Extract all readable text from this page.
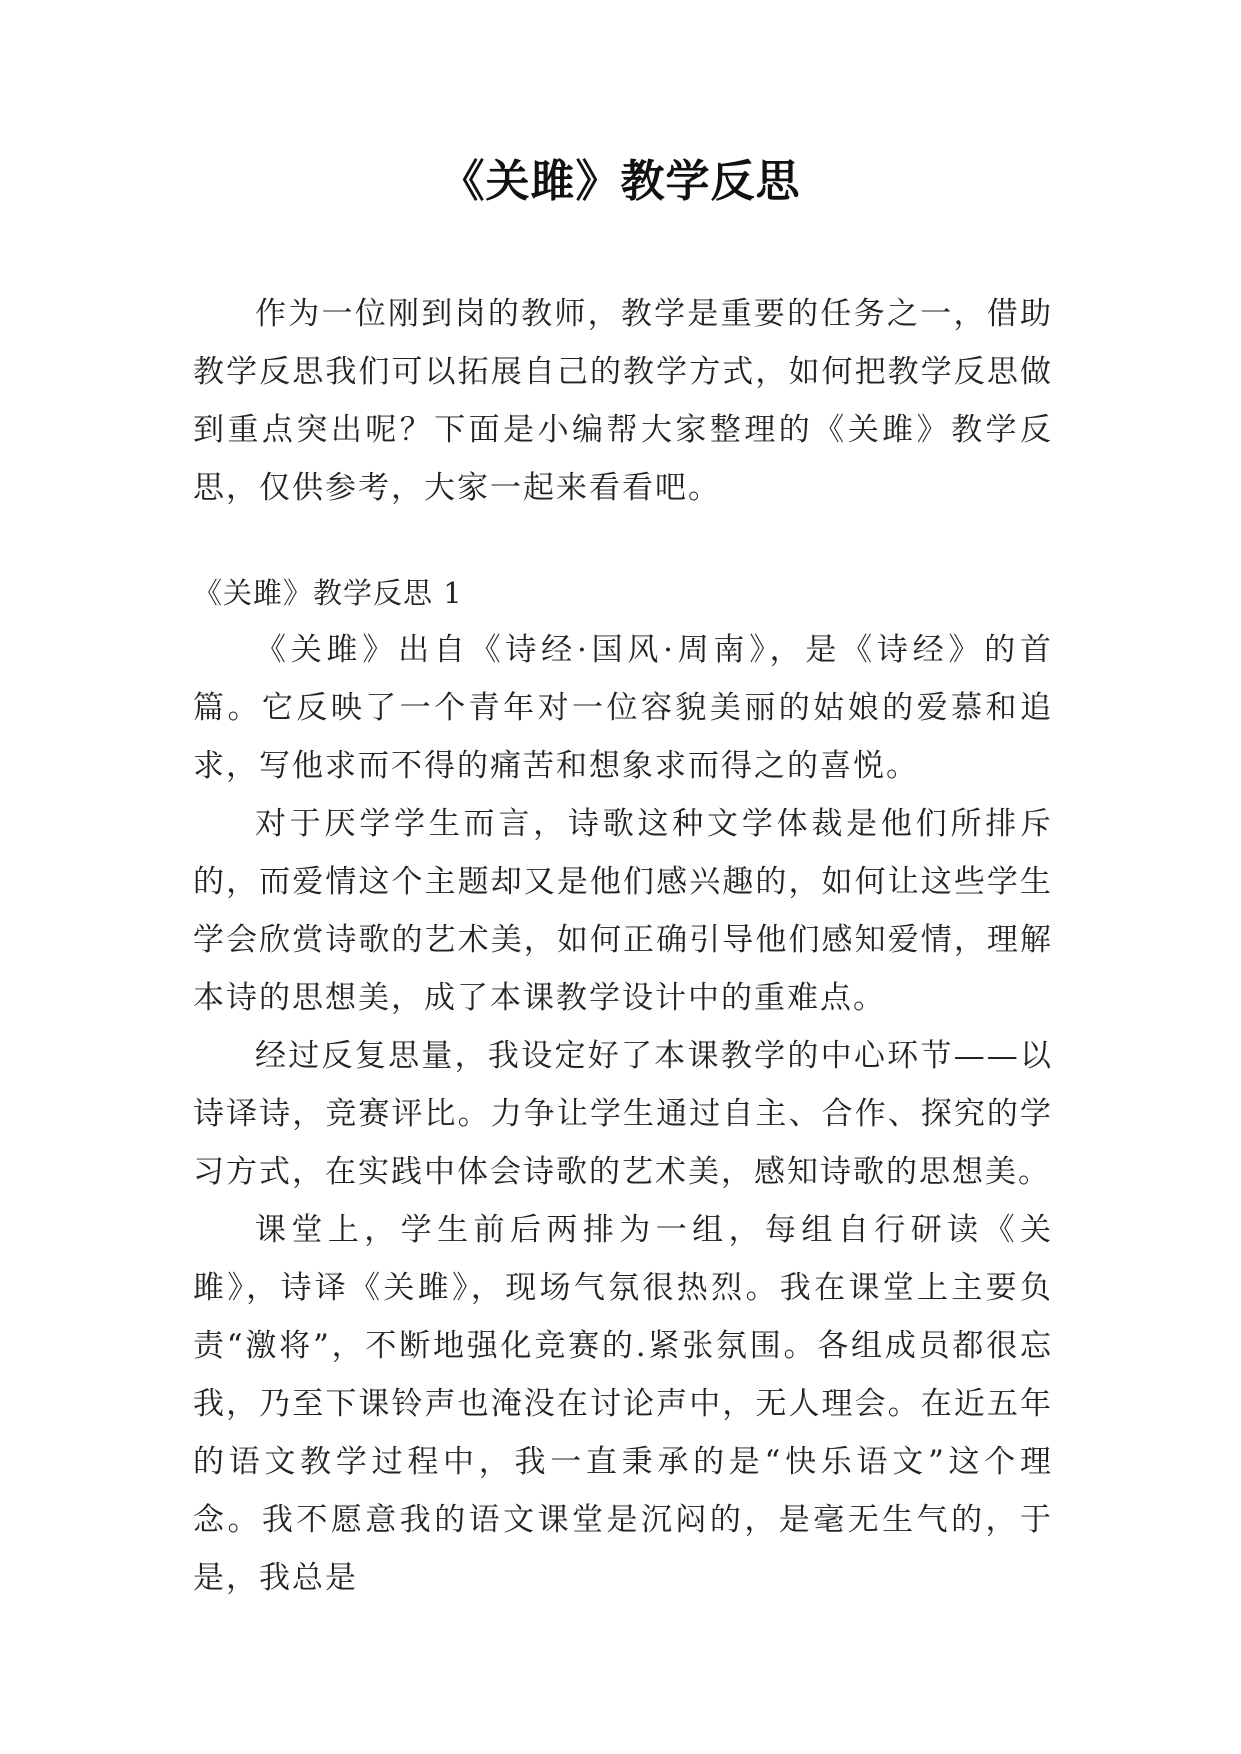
《关雎》教学反思

作为一位刚到岗的教师，教学是重要的任务之一，借助教学反思我们可以拓展自己的教学方式，如何把教学反思做到重点突出呢？下面是小编帮大家整理的《关雎》教学反思，仅供参考，大家一起来看看吧。

《关雎》教学反思 1

《关雎》出自《诗经·国风·周南》，是《诗经》的首篇。它反映了一个青年对一位容貌美丽的姑娘的爱慕和追求，写他求而不得的痛苦和想象求而得之的喜悦。

对于厌学学生而言，诗歌这种文学体裁是他们所排斥的，而爱情这个主题却又是他们感兴趣的，如何让这些学生学会欣赏诗歌的艺术美，如何正确引导他们感知爱情，理解本诗的思想美，成了本课教学设计中的重难点。

经过反复思量，我设定好了本课教学的中心环节——以诗译诗，竞赛评比。力争让学生通过自主、合作、探究的学习方式，在实践中体会诗歌的艺术美，感知诗歌的思想美。

课堂上，学生前后两排为一组，每组自行研读《关雎》，诗译《关雎》，现场气氛很热烈。我在课堂上主要负责“激将”，不断地强化竞赛的.紧张氛围。各组成员都很忘我，乃至下课铃声也淹没在讨论声中，无人理会。在近五年的语文教学过程中，我一直秉承的是“快乐语文”这个理念。我不愿意我的语文课堂是沉闷的，是毫无生气的，于是，我总是
